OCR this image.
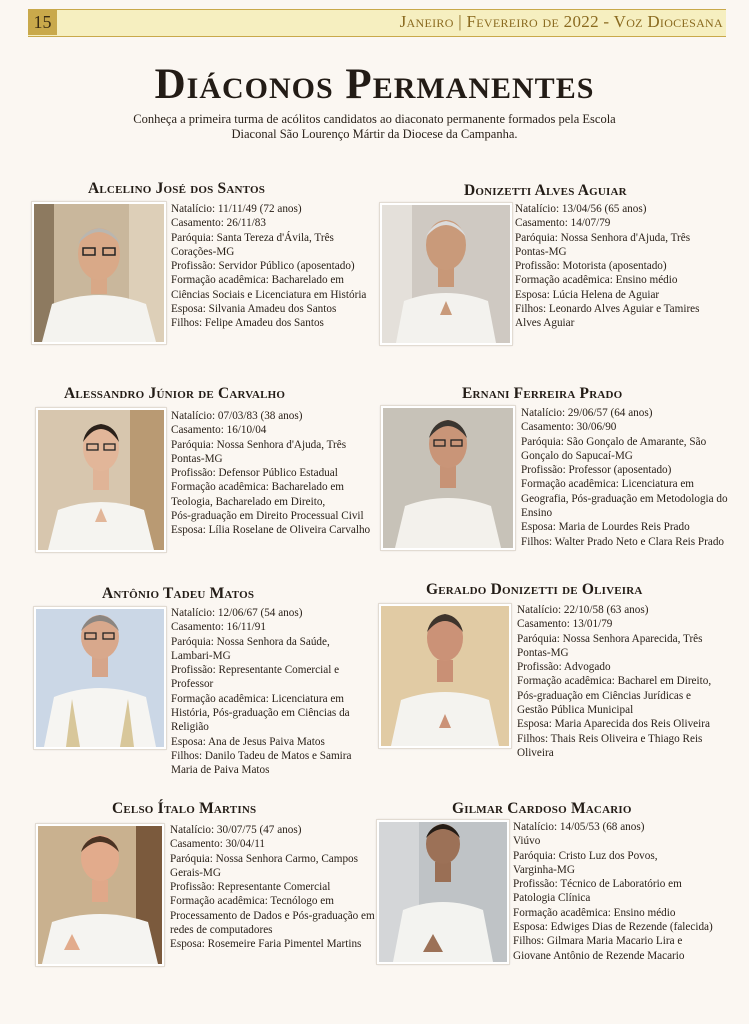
15	Janeiro | Fevereiro de 2022 - Voz Diocesana
Diáconos Permanentes
Conheça a primeira turma de acólitos candidatos ao diaconato permanente formados pela Escola Diaconal São Lourenço Mártir da Diocese da Campanha.
Alcelino José dos Santos
Natalício: 11/11/49 (72 anos)
Casamento: 26/11/83
Paróquia: Santa Tereza d'Ávila, Três
Corações-MG
Profissão: Servidor Público (aposentado)
Formação acadêmica: Bacharelado em
Ciências Sociais e Licenciatura em História
Esposa: Silvania Amadeu dos Santos
Filhos: Felipe Amadeu dos Santos
Donizetti Alves Aguiar
Natalício: 13/04/56 (65 anos)
Casamento: 14/07/79
Paróquia: Nossa Senhora d'Ajuda, Três
Pontas-MG
Profissão: Motorista (aposentado)
Formação acadêmica: Ensino médio
Esposa: Lúcia Helena de Aguiar
Filhos: Leonardo Alves Aguiar e Tamires
Alves Aguiar
Alessandro Júnior de Carvalho
Natalício: 07/03/83 (38 anos)
Casamento: 16/10/04
Paróquia: Nossa Senhora d'Ajuda, Três
Pontas-MG
Profissão: Defensor Público Estadual
Formação acadêmica: Bacharelado em
Teologia, Bacharelado em Direito,
Pós-graduação em Direito Processual Civil
Esposa: Lília Roselane de Oliveira Carvalho
Ernani Ferreira Prado
Natalício: 29/06/57 (64 anos)
Casamento: 30/06/90
Paróquia: São Gonçalo de Amarante, São
Gonçalo do Sapucaí-MG
Profissão: Professor (aposentado)
Formação acadêmica: Licenciatura em
Geografia, Pós-graduação em Metodologia do
Ensino
Esposa: Maria de Lourdes Reis Prado
Filhos: Walter Prado Neto e Clara Reis Prado
Antônio Tadeu Matos
Natalício: 12/06/67 (54 anos)
Casamento: 16/11/91
Paróquia: Nossa Senhora da Saúde,
Lambari-MG
Profissão: Representante Comercial e
Professor
Formação acadêmica: Licenciatura em
História, Pós-graduação em Ciências da
Religião
Esposa: Ana de Jesus Paiva Matos
Filhos: Danilo Tadeu de Matos e Samira
Maria de Paiva Matos
Geraldo Donizetti de Oliveira
Natalício: 22/10/58 (63 anos)
Casamento: 13/01/79
Paróquia: Nossa Senhora Aparecida, Três
Pontas-MG
Profissão: Advogado
Formação acadêmica: Bacharel em Direito,
Pós-graduação em Ciências Jurídicas e
Gestão Pública Municipal
Esposa: Maria Aparecida dos Reis Oliveira
Filhos: Thais Reis Oliveira e Thiago Reis
Oliveira
Celso Ítalo Martins
Natalício: 30/07/75 (47 anos)
Casamento: 30/04/11
Paróquia: Nossa Senhora Carmo, Campos
Gerais-MG
Profissão: Representante Comercial
Formação acadêmica: Tecnólogo em
Processamento de Dados e Pós-graduação em
redes de computadores
Esposa: Rosemeire Faria Pimentel Martins
Gilmar Cardoso Macario
Natalício: 14/05/53 (68 anos)
Viúvo
Paróquia: Cristo Luz dos Povos,
Varginha-MG
Profissão: Técnico de Laboratório em
Patologia Clínica
Formação acadêmica: Ensino médio
Esposa: Edwiges Dias de Rezende (falecida)
Filhos: Gilmara Maria Macario Lira e
Giovane Antônio de Rezende Macario
